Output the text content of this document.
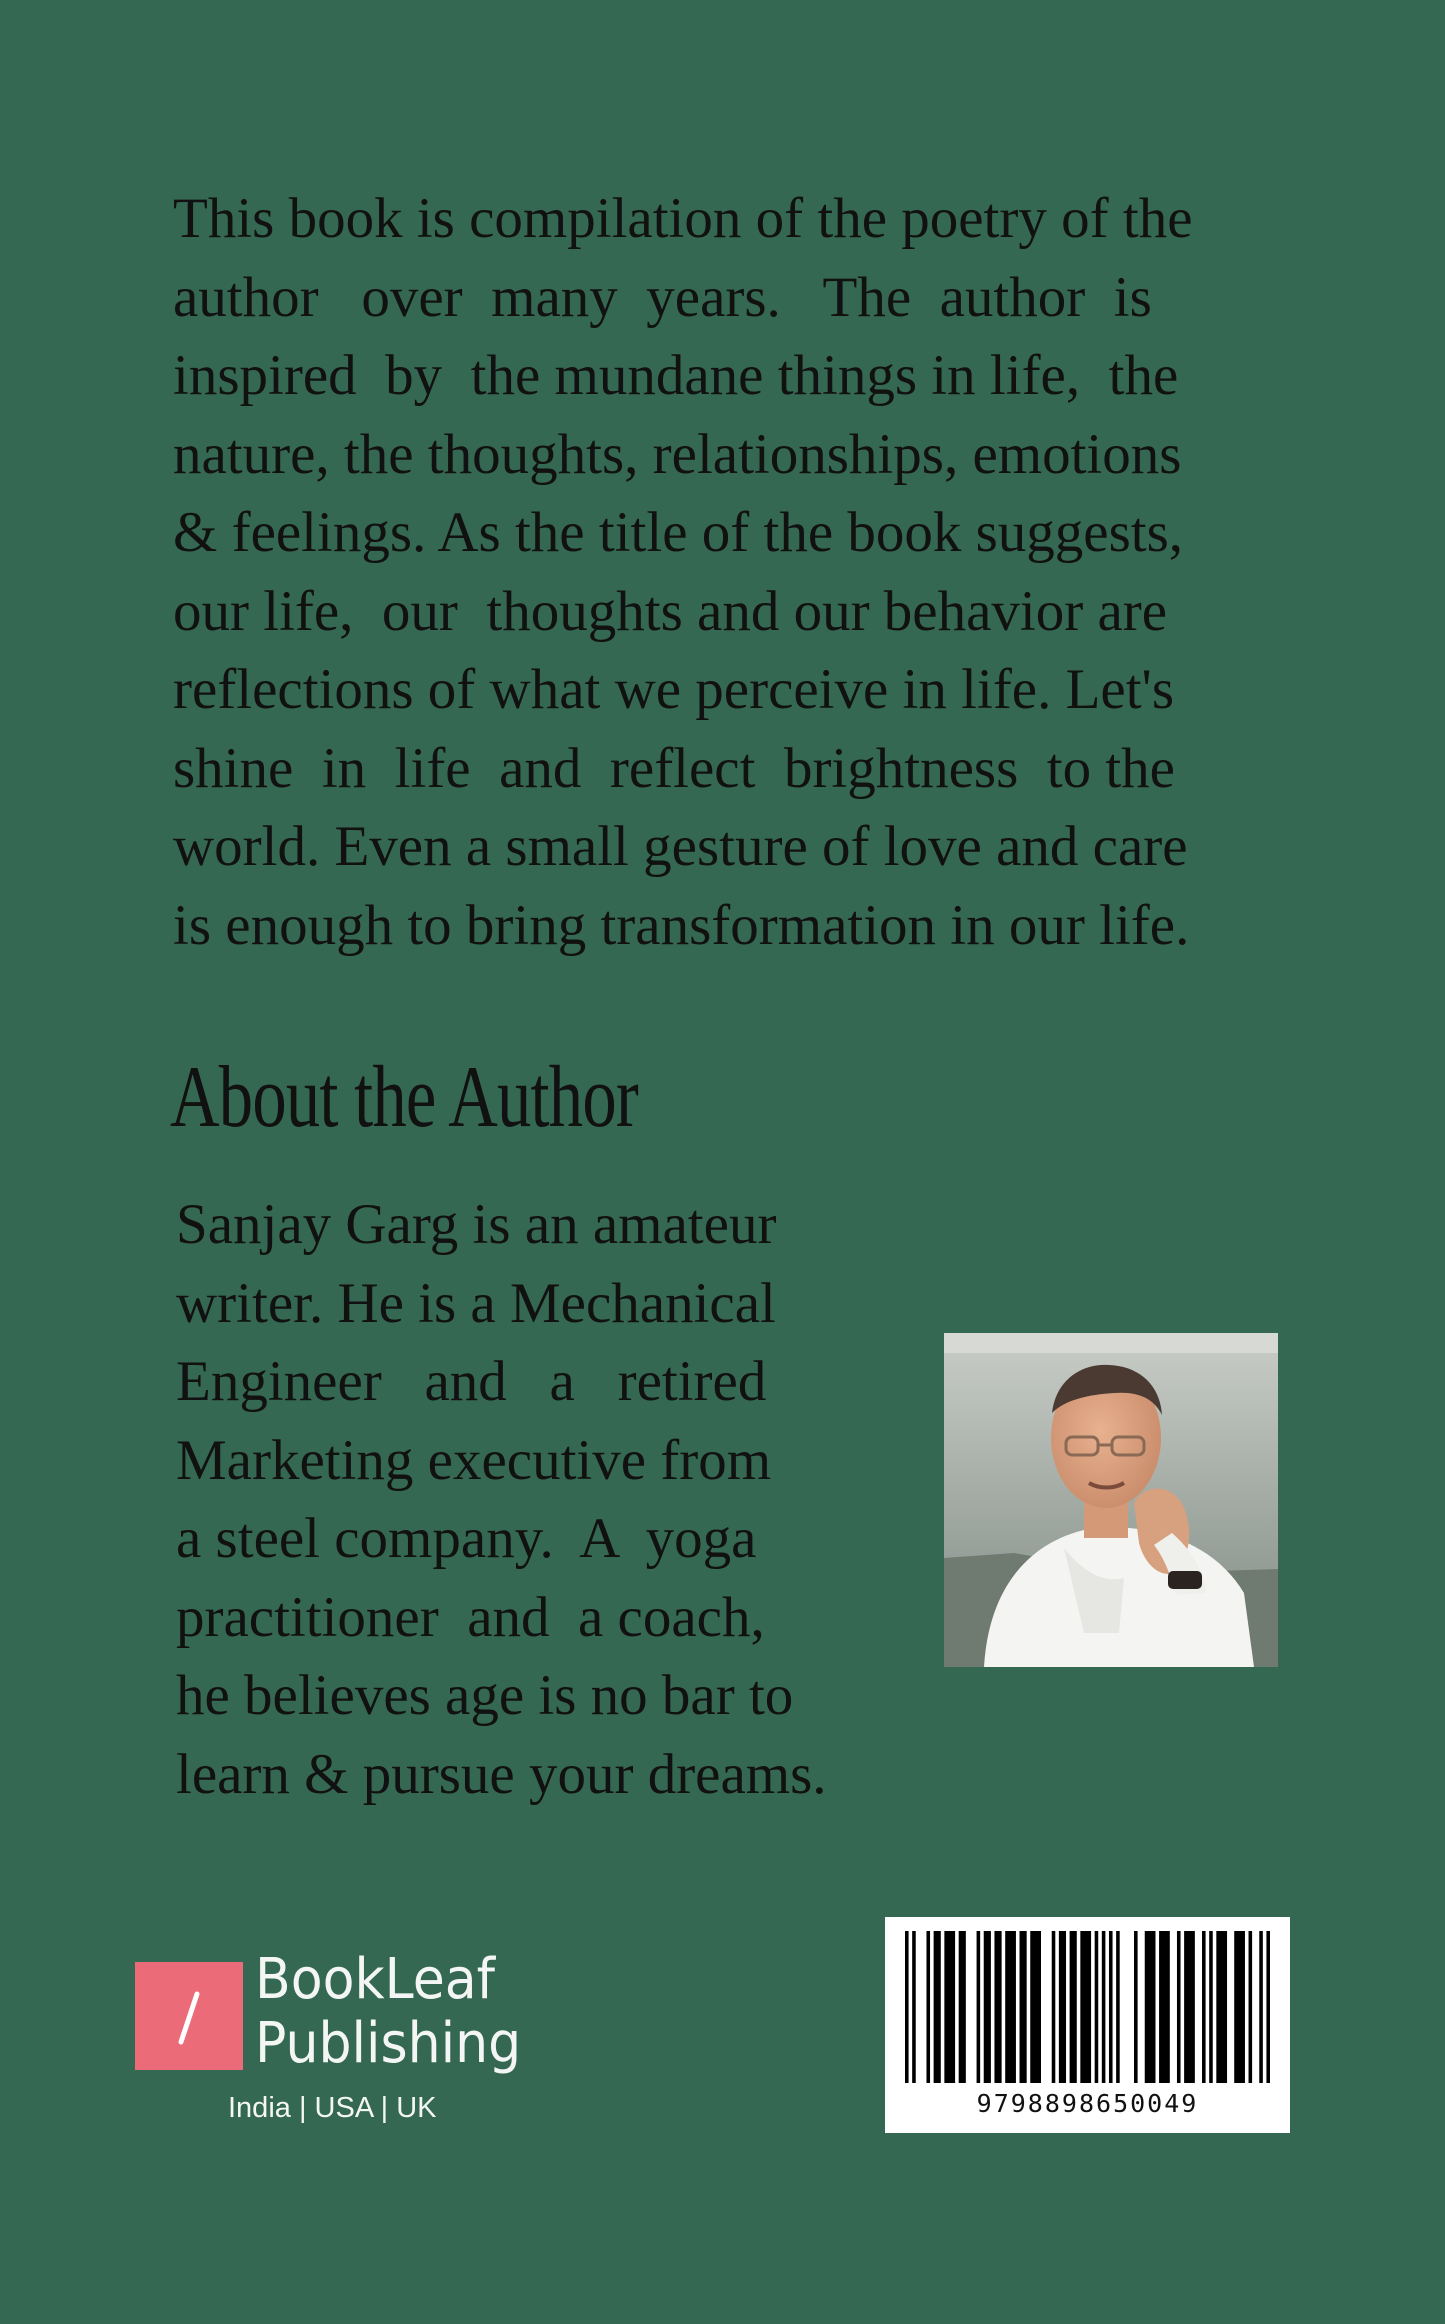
This book is compilation of the poetry of the
author   over  many  years.   The  author  is
inspired  by  the mundane things in life,  the
nature, the thoughts, relationships, emotions
& feelings. As the title of the book suggests,
our life,  our  thoughts and our behavior are
reflections of what we perceive in life. Let's
shine  in  life  and  reflect  brightness  to the
world. Even a small gesture of love and care
is enough to bring transformation in our life.
About the Author
Sanjay Garg is an amateur
writer. He is a Mechanical
Engineer   and   a   retired
Marketing executive from
a steel company.  A  yoga
practitioner  and  a coach,
he believes age is no bar to
learn & pursue your dreams.
BookLeaf
Publishing
India | USA | UK	9798898650049
